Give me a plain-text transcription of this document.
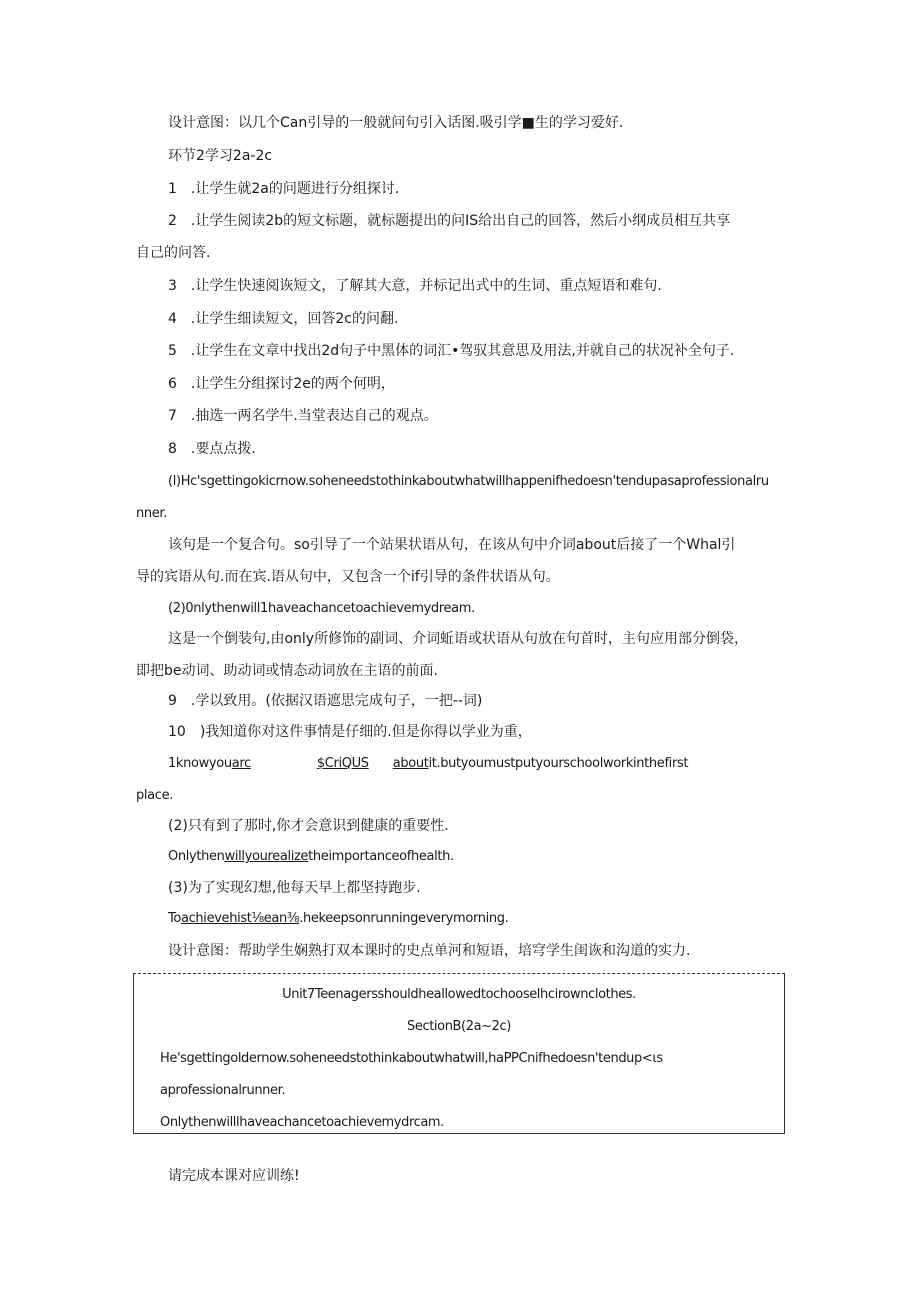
设计意图：以几个Can引导的一般就问句引入话图.吸引学■生的学习爱好.
环节2学习2a-2c
1　.让学生就2a的问题进行分组探讨.
2　.让学生阅读2b的短文标题，就标题提出的问IS给出自己的回答，然后小纲成员相互共享
自己的问答.
3　.让学生快速阅诙短文，了解其大意，并标记出式中的生词、重点短语和难句.
4　.让学生细读短文，回答2c的问翻.
5　.让学生在文章中找出2d句子中黑体的词汇•驾驭其意思及用法,并就自己的状况补全句子.
6　.让学生分组探讨2e的两个何明，
7　.抽选一两名学牛.当堂表达自己的观点。
8　.要点点拨.
(l)Hc'sgettingokicrnow.soheneedstothinkaboutwhatwillhappenifhedoesn'tendupasaprofessionalru
nner.
该句是一个复合句。so引导了一个站果状语从句，在该从句中介词about后接了一个Whal引
导的宾语从句.而在宾.语从句中，又包含一个if引导的条件状语从句。
(2)0nlythenwill1haveachancetoachievemydream.
这是一个倒装句,由only所修饰的副词、介词蚯语或状语从句放在句首时，主句应用部分倒袋，
即把be动词、助动词或情态动词放在主语的前面.
9　.学以致用。(依据汉语遮思完成句子，一把--词)
10　)我知道你对这件事情是仔细的.但是你得以学业为重，
1knowyouarc	$CriQUS aboutit.butyoumustputyourschoolworkinthefirst
place.
(2)只有到了那时,你才会意识到健康的重要性.
Onlythenwillyourealizetheimportanceofhealth.
(3)为了实现幻想,他每天早上都坚持跑步.
Toachievehist⅛ean⅜.hekeepsonrunningeverymorning.
设计意图：帮助学生娴熟打双本课时的史点单河和短语，培穹学生闺诙和沟道的实力.
Unit7Teenagersshouldheallowedtochooselhcirownclothes.
SectionB(2a~2c)
He'sgettingoldernow.soheneedstothinkaboutwhatwill,haPPCnifhedoesn'tendup<ιs
aprofessionalrunner.
Onlythenwilllhaveachancetoachievemydrcam.
请完成本课对应训练!
